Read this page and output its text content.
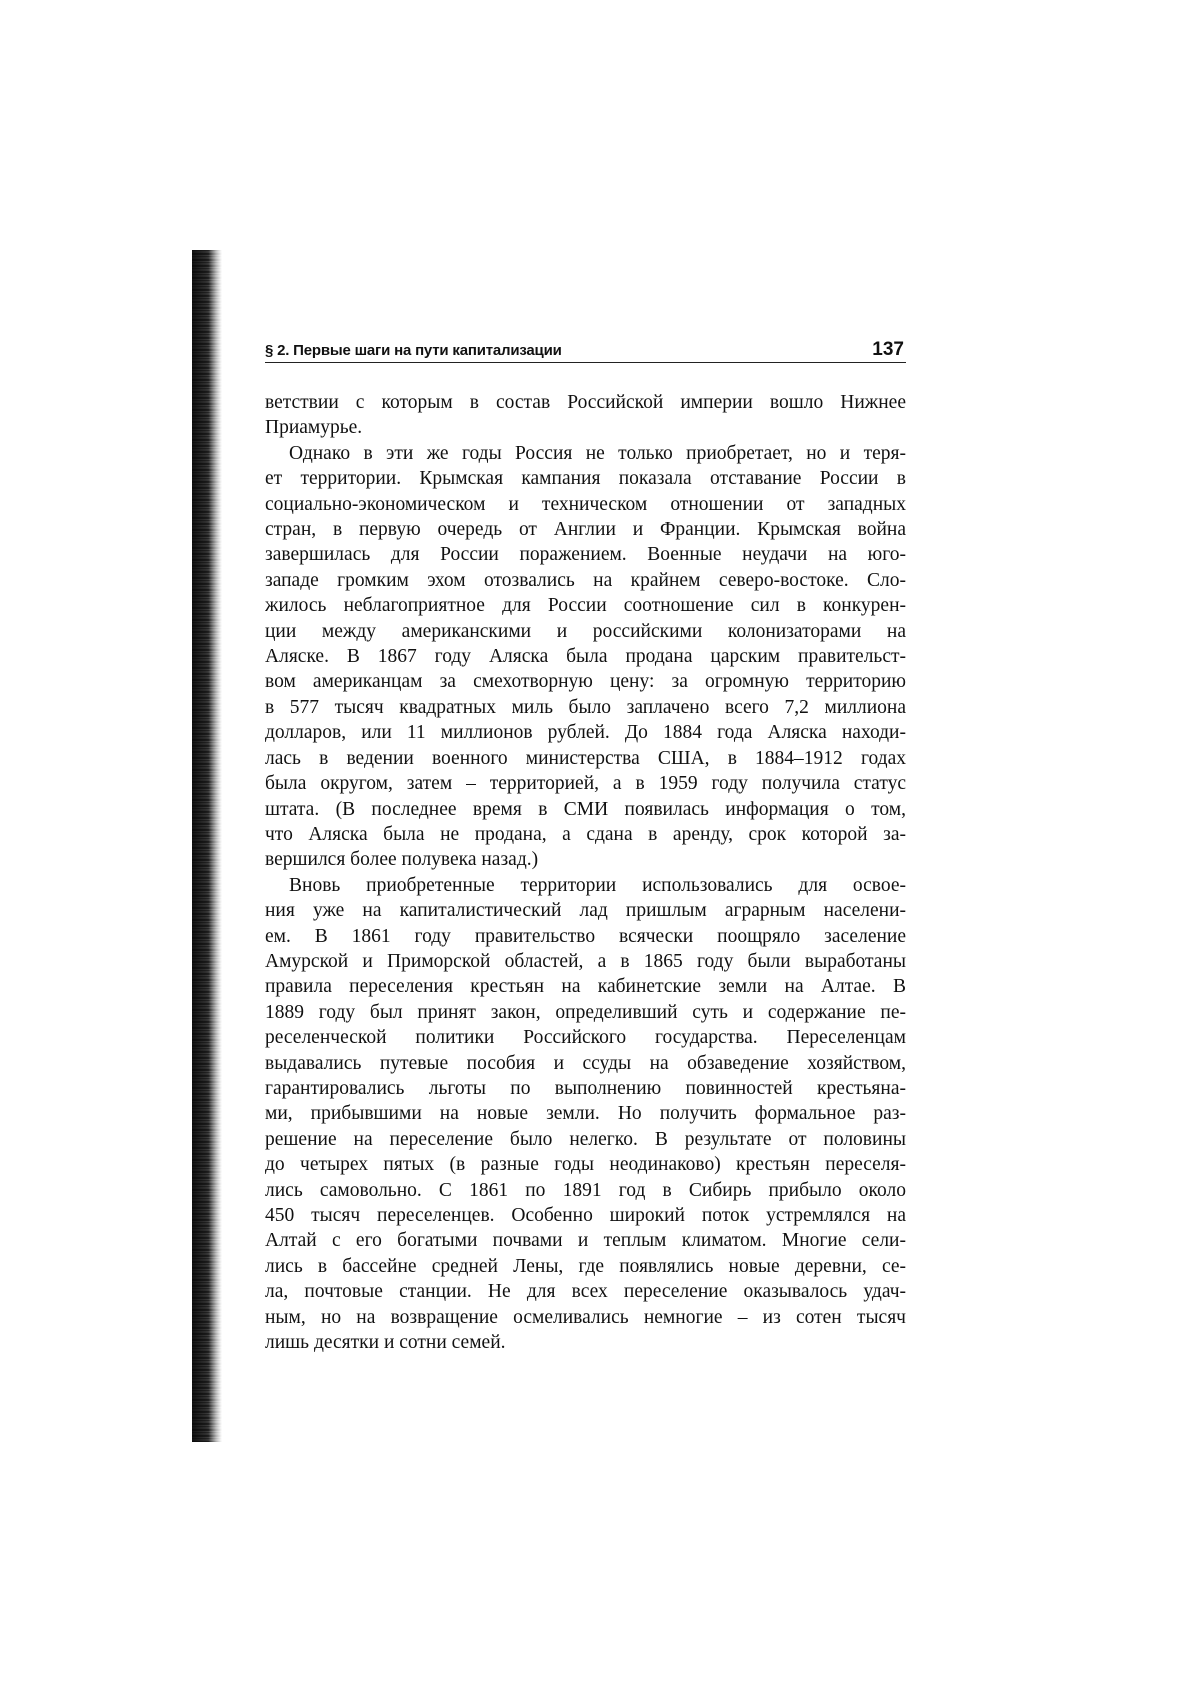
§ 2. Первые шаги на пути капитализации	137

ветствии с которым в состав Российской империи вошло Нижнее
Приамурье.

Однако в эти же годы Россия не только приобретает, но и теря-
ет территории. Крымская кампания показала отставание России в
социально-экономическом и техническом отношении от западных
стран, в первую очередь от Англии и Франции. Крымская война
завершилась для России поражением. Военные неудачи на юго-
западе громким эхом отозвались на крайнем северо-востоке. Сло-
жилось неблагоприятное для России соотношение сил в конкурен-
ции между американскими и российскими колонизаторами на
Аляске. В 1867 году Аляска была продана царским правительст-
вом американцам за смехотворную цену: за огромную территорию
в 577 тысяч квадратных миль было заплачено всего 7,2 миллиона
долларов, или 11 миллионов рублей. До 1884 года Аляска находи-
лась в ведении военного министерства США, в 1884–1912 годах
была округом, затем – территорией, а в 1959 году получила статус
штата. (В последнее время в СМИ появилась информация о том,
что Аляска была не продана, а сдана в аренду, срок которой за-
вершился более полувека назад.)

Вновь приобретенные территории использовались для освое-
ния уже на капиталистический лад пришлым аграрным населени-
ем. В 1861 году правительство всячески поощряло заселение
Амурской и Приморской областей, а в 1865 году были выработаны
правила переселения крестьян на кабинетские земли на Алтае. В
1889 году был принят закон, определивший суть и содержание пе-
реселенческой политики Российского государства. Переселенцам
выдавались путевые пособия и ссуды на обзаведение хозяйством,
гарантировались льготы по выполнению повинностей крестьяна-
ми, прибывшими на новые земли. Но получить формальное раз-
решение на переселение было нелегко. В результате от половины
до четырех пятых (в разные годы неодинаково) крестьян переселя-
лись самовольно. С 1861 по 1891 год в Сибирь прибыло около
450 тысяч переселенцев. Особенно широкий поток устремлялся на
Алтай с его богатыми почвами и теплым климатом. Многие сели-
лись в бассейне средней Лены, где появлялись новые деревни, се-
ла, почтовые станции. Не для всех переселение оказывалось удач-
ным, но на возвращение осмеливались немногие – из сотен тысяч
лишь десятки и сотни семей.
